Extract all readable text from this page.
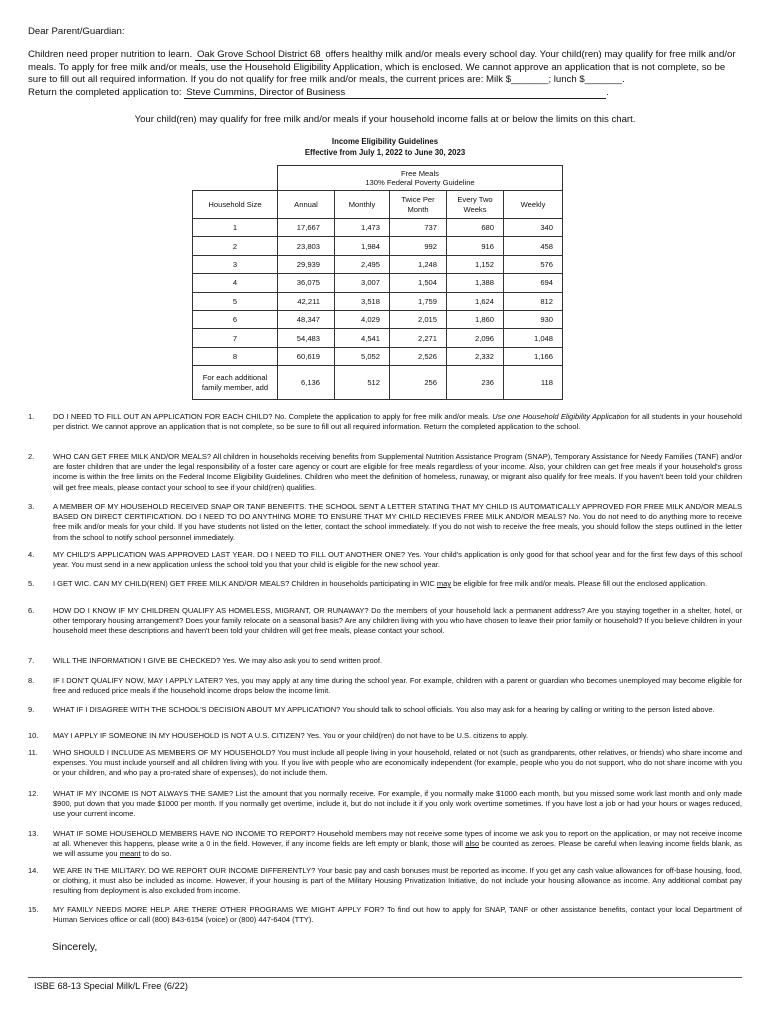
Dear Parent/Guardian:
Children need proper nutrition to learn. Oak Grove School District 68 offers healthy milk and/or meals every school day. Your child(ren) may qualify for free milk and/or meals. To apply for free milk and/or meals, use the Household Eligibility Application, which is enclosed. We cannot approve an application that is not complete, so be sure to fill out all required information. If you do not qualify for free milk and/or meals, the current prices are: Milk $_______; lunch $_______.
Return the completed application to: Steve Cummins, Director of Business	.
Your child(ren) may qualify for free milk and/or meals if your household income falls at or below the limits on this chart.
Income Eligibility Guidelines
Effective from July 1, 2022 to June 30, 2023

	Free Meals
130% Federal Poverty Guideline				

Household Size	Annual	Monthly	Twice Per Month	Every Two Weeks	Weekly
1	17,667	1,473	737	680	340
2	23,803	1,984	992	916	458
3	29,939	2,495	1,248	1,152	576
4	36,075	3,007	1,504	1,388	694
5	42,211	3,518	1,759	1,624	812
6	48,347	4,029	2,015	1,860	930
7	54,483	4,541	2,271	2,096	1,048
8	60,619	5,052	2,526	2,332	1,166
For each additional family member, add	6,136	512	256	236	118
1. DO I NEED TO FILL OUT AN APPLICATION FOR EACH CHILD? No. Complete the application to apply for free milk and/or meals. Use one Household Eligibility Application for all students in your household per district. We cannot approve an application that is not complete, so be sure to fill out all required information. Return the completed application to the school.
2. WHO CAN GET FREE MILK AND/OR MEALS? All children in households receiving benefits from Supplemental Nutrition Assistance Program (SNAP), Temporary Assistance for Needy Families (TANF) and/or are foster children that are under the legal responsibility of a foster care agency or court are eligible for free meals regardless of your income. Also, your children can get free meals if your household's gross income is within the free limits on the Federal Income Eligibility Guidelines. Children who meet the definition of homeless, runaway, or migrant also qualify for free meals. If you haven't been told your children will get free meals, please contact your school to see if your child(ren) qualifies.
3. A MEMBER OF MY HOUSEHOLD RECEIVED SNAP OR TANF BENEFITS. THE SCHOOL SENT A LETTER STATING THAT MY CHILD IS AUTOMATICALLY APPROVED FOR FREE MILK AND/OR MEALS BASED ON DIRECT CERTIFICATION. DO I NEED TO DO ANYTHING MORE TO ENSURE THAT MY CHILD RECIEVES FREE MILK AND/OR MEALS? No. You do not need to do anything more to receive free milk and/or meals for your child. If you have students not listed on the letter, contact the school immediately. If you do not wish to receive the free meals, you should follow the steps outlined in the letter from the school to notify school personnel immediately.
4. MY CHILD'S APPLICATION WAS APPROVED LAST YEAR. DO I NEED TO FILL OUT ANOTHER ONE? Yes. Your child's application is only good for that school year and for the first few days of this school year. You must send in a new application unless the school told you that your child is eligible for the new school year.
5. I GET WIC. CAN MY CHILD(REN) GET FREE MILK AND/OR MEALS? Children in households participating in WIC may be eligible for free milk and/or meals. Please fill out the enclosed application.
6. HOW DO I KNOW IF MY CHILDREN QUALIFY AS HOMELESS, MIGRANT, OR RUNAWAY? Do the members of your household lack a permanent address? Are you staying together in a shelter, hotel, or other temporary housing arrangement? Does your family relocate on a seasonal basis? Are any children living with you who have chosen to leave their prior family or household? If you believe children in your household meet these descriptions and haven't been told your children will get free meals, please contact your school.
7. WILL THE INFORMATION I GIVE BE CHECKED? Yes. We may also ask you to send written proof.
8. IF I DON'T QUALIFY NOW, MAY I APPLY LATER? Yes, you may apply at any time during the school year. For example, children with a parent or guardian who becomes unemployed may become eligible for free and reduced price meals if the household income drops below the income limit.
9. WHAT IF I DISAGREE WITH THE SCHOOL'S DECISION ABOUT MY APPLICATION? You should talk to school officials. You also may ask for a hearing by calling or writing to the person listed above.
10. MAY I APPLY IF SOMEONE IN MY HOUSEHOLD IS NOT A U.S. CITIZEN? Yes. You or your child(ren) do not have to be U.S. citizens to apply.
11. WHO SHOULD I INCLUDE AS MEMBERS OF MY HOUSEHOLD? You must include all people living in your household, related or not (such as grandparents, other relatives, or friends) who share income and expenses. You must include yourself and all children living with you. If you live with people who are economically independent (for example, people who you do not support, who do not share income with you or your children, and who pay a pro-rated share of expenses), do not include them.
12. WHAT IF MY INCOME IS NOT ALWAYS THE SAME? List the amount that you normally receive. For example, if you normally make $1000 each month, but you missed some work last month and only made $900, put down that you made $1000 per month. If you normally get overtime, include it, but do not include it if you only work overtime sometimes. If you have lost a job or had your hours or wages reduced, use your current income.
13. WHAT IF SOME HOUSEHOLD MEMBERS HAVE NO INCOME TO REPORT? Household members may not receive some types of income we ask you to report on the application, or may not receive income at all. Whenever this happens, please write a 0 in the field. However, if any income fields are left empty or blank, those will also be counted as zeroes. Please be careful when leaving income fields blank, as we will assume you meant to do so.
14. WE ARE IN THE MILITARY. DO WE REPORT OUR INCOME DIFFERENTLY? Your basic pay and cash bonuses must be reported as income. If you get any cash value allowances for off-base housing, food, or clothing, it must also be included as income. However, if your housing is part of the Military Housing Privatization Initiative, do not include your housing allowance as income. Any additional combat pay resulting from deployment is also excluded from income.
15. MY FAMILY NEEDS MORE HELP. ARE THERE OTHER PROGRAMS WE MIGHT APPLY FOR? To find out how to apply for SNAP, TANF or other assistance benefits, contact your local Department of Human Services office or call (800) 843-6154 (voice) or (800) 447-6404 (TTY).
Sincerely,
ISBE 68-13 Special Milk/L Free (6/22)
